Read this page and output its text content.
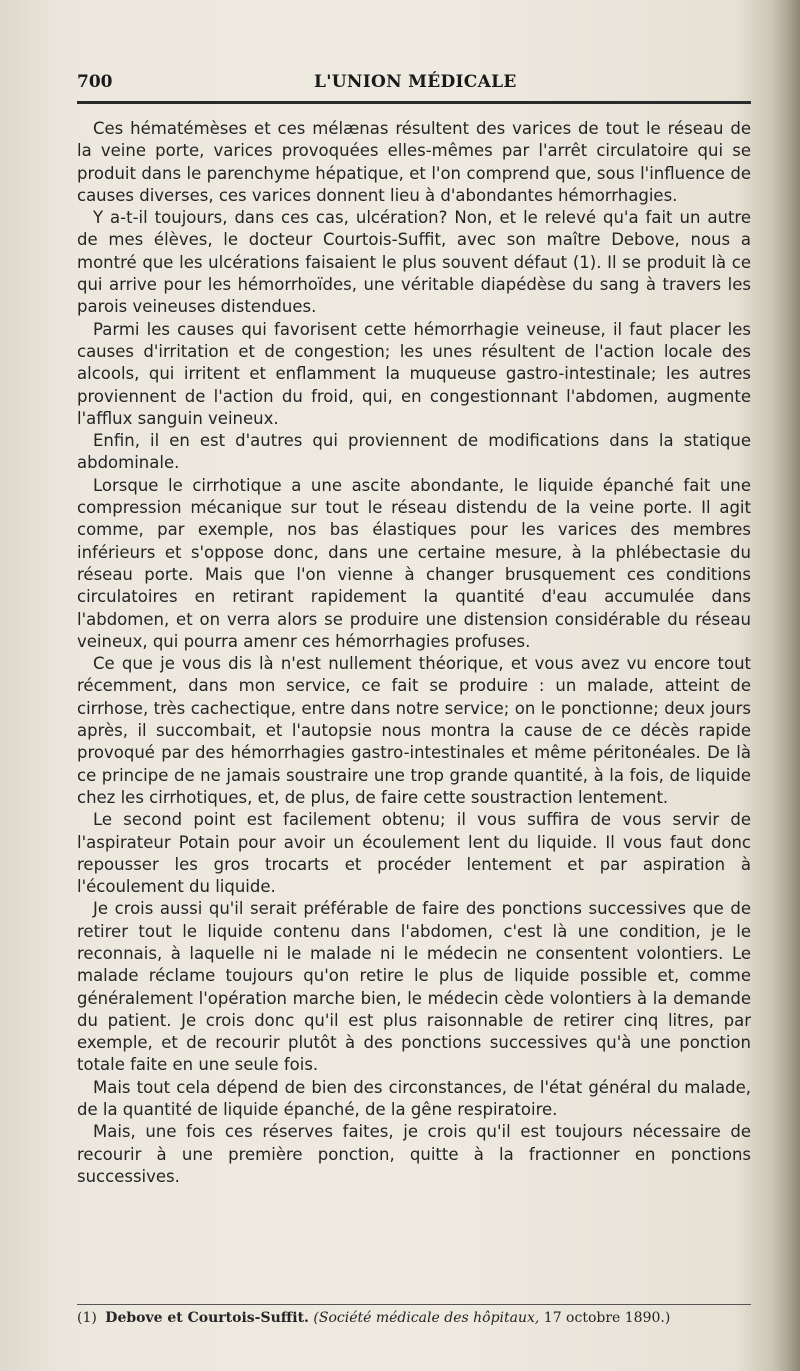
700	L'UNION MÉDICALE

Ces hématémèses et ces mélænas résultent des varices de tout le réseau de la veine porte, varices provoquées elles-mêmes par l'arrêt circulatoire qui se produit dans le parenchyme hépatique, et l'on comprend que, sous l'influence de causes diverses, ces varices donnent lieu à d'abondantes hémorrhagies.

Y a-t-il toujours, dans ces cas, ulcération? Non, et le relevé qu'a fait un autre de mes élèves, le docteur Courtois-Suffit, avec son maître Debove, nous a montré que les ulcérations faisaient le plus souvent défaut (1). Il se produit là ce qui arrive pour les hémorrhoïdes, une véritable diapédèse du sang à travers les parois veineuses distendues.

Parmi les causes qui favorisent cette hémorrhagie veineuse, il faut placer les causes d'irritation et de congestion; les unes résultent de l'action locale des alcools, qui irritent et enflamment la muqueuse gastro-intestinale; les autres proviennent de l'action du froid, qui, en congestionnant l'abdomen, augmente l'afflux sanguin veineux.

Enfin, il en est d'autres qui proviennent de modifications dans la statique abdominale.

Lorsque le cirrhotique a une ascite abondante, le liquide épanché fait une compression mécanique sur tout le réseau distendu de la veine porte. Il agit comme, par exemple, nos bas élastiques pour les varices des membres inférieurs et s'oppose donc, dans une certaine mesure, à la phlébectasie du réseau porte. Mais que l'on vienne à changer brusquement ces conditions circulatoires en retirant rapidement la quantité d'eau accumulée dans l'abdomen, et on verra alors se produire une distension considérable du réseau veineux, qui pourra amenr ces hémorrhagies profuses.

Ce que je vous dis là n'est nullement théorique, et vous avez vu encore tout récemment, dans mon service, ce fait se produire : un malade, atteint de cirrhose, très cachectique, entre dans notre service; on le ponctionne; deux jours après, il succombait, et l'autopsie nous montra la cause de ce décès rapide provoqué par des hémorrhagies gastro-intestinales et même péritonéales. De là ce principe de ne jamais soustraire une trop grande quantité, à la fois, de liquide chez les cirrhotiques, et, de plus, de faire cette soustraction lentement.

Le second point est facilement obtenu; il vous suffira de vous servir de l'aspirateur Potain pour avoir un écoulement lent du liquide. Il vous faut donc repousser les gros trocarts et procéder lentement et par aspiration à l'écoulement du liquide.

Je crois aussi qu'il serait préférable de faire des ponctions successives que de retirer tout le liquide contenu dans l'abdomen, c'est là une condition, je le reconnais, à laquelle ni le malade ni le médecin ne consentent volontiers. Le malade réclame toujours qu'on retire le plus de liquide possible et, comme généralement l'opération marche bien, le médecin cède volontiers à la demande du patient. Je crois donc qu'il est plus raisonnable de retirer cinq litres, par exemple, et de recourir plutôt à des ponctions successives qu'à une ponction totale faite en une seule fois.

Mais tout cela dépend de bien des circonstances, de l'état général du malade, de la quantité de liquide épanché, de la gêne respiratoire.

Mais, une fois ces réserves faites, je crois qu'il est toujours nécessaire de recourir à une première ponction, quitte à la fractionner en ponctions successives.

(1) Debove et Courtois-Suffit. (Société médicale des hôpitaux, 17 octobre 1890.)
